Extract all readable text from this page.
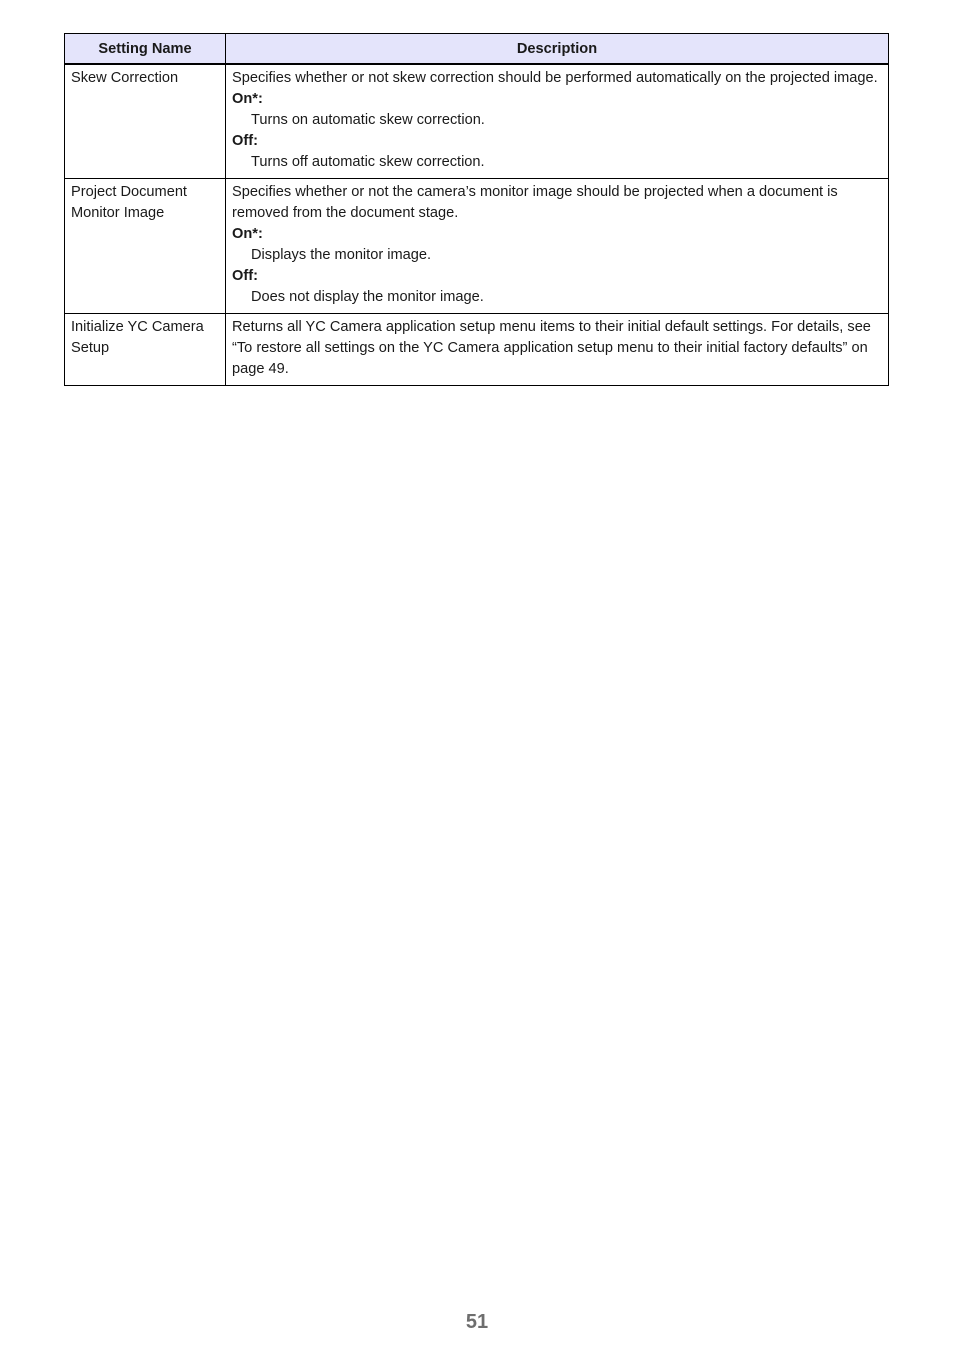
Setting Name	Description
Skew Correction	Specifies whether or not skew correction should be performed automatically on the projected image.
On*:
Turns on automatic skew correction.
Off:
Turns off automatic skew correction.

Project Document Monitor Image	Specifies whether or not the camera’s monitor image should be projected when a document is removed from the document stage.
On*:
Displays the monitor image.
Off:
Does not display the monitor image.

Initialize YC Camera Setup	Returns all YC Camera application setup menu items to their initial default settings. For details, see “To restore all settings on the YC Camera application setup menu to their initial factory defaults” on page 49.
51
